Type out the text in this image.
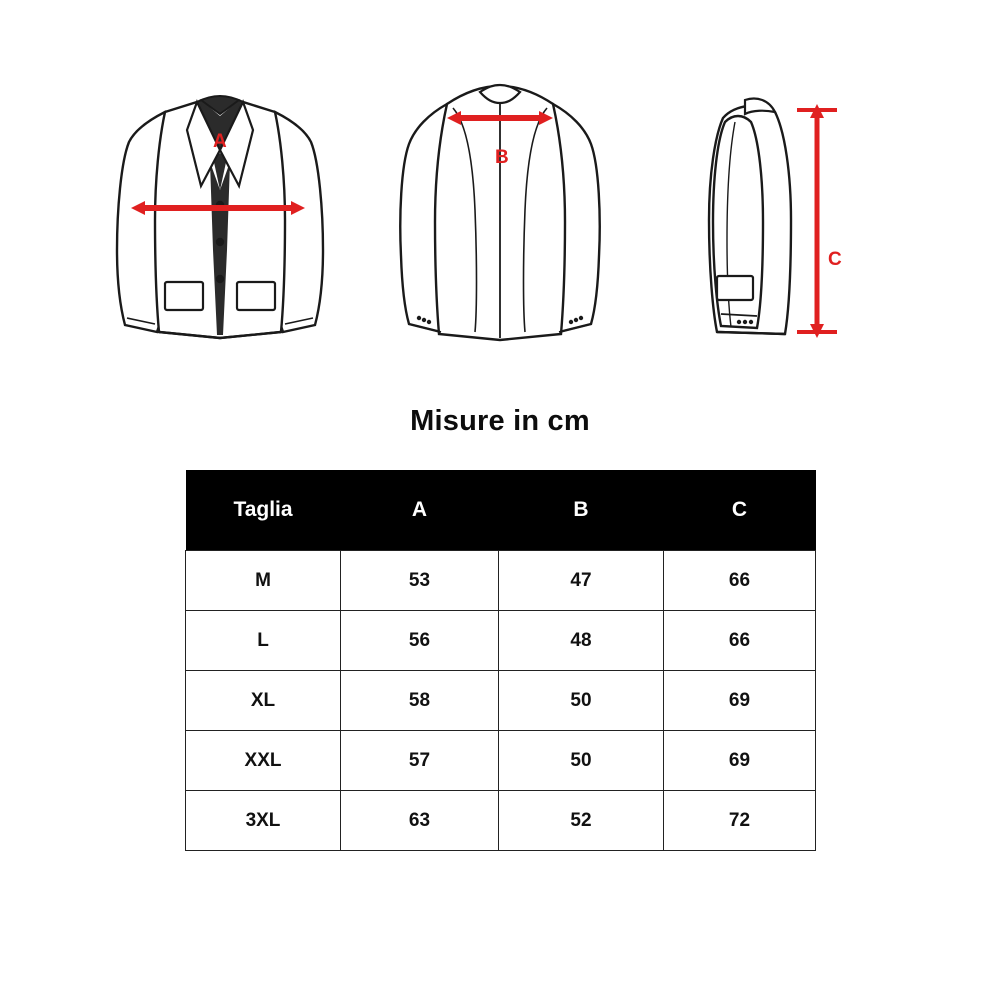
A
B
C
Misure in cm
Taglia	A	B	C
M	53	47	66
L	56	48	66
XL	58	50	69
XXL	57	50	69
3XL	63	52	72
